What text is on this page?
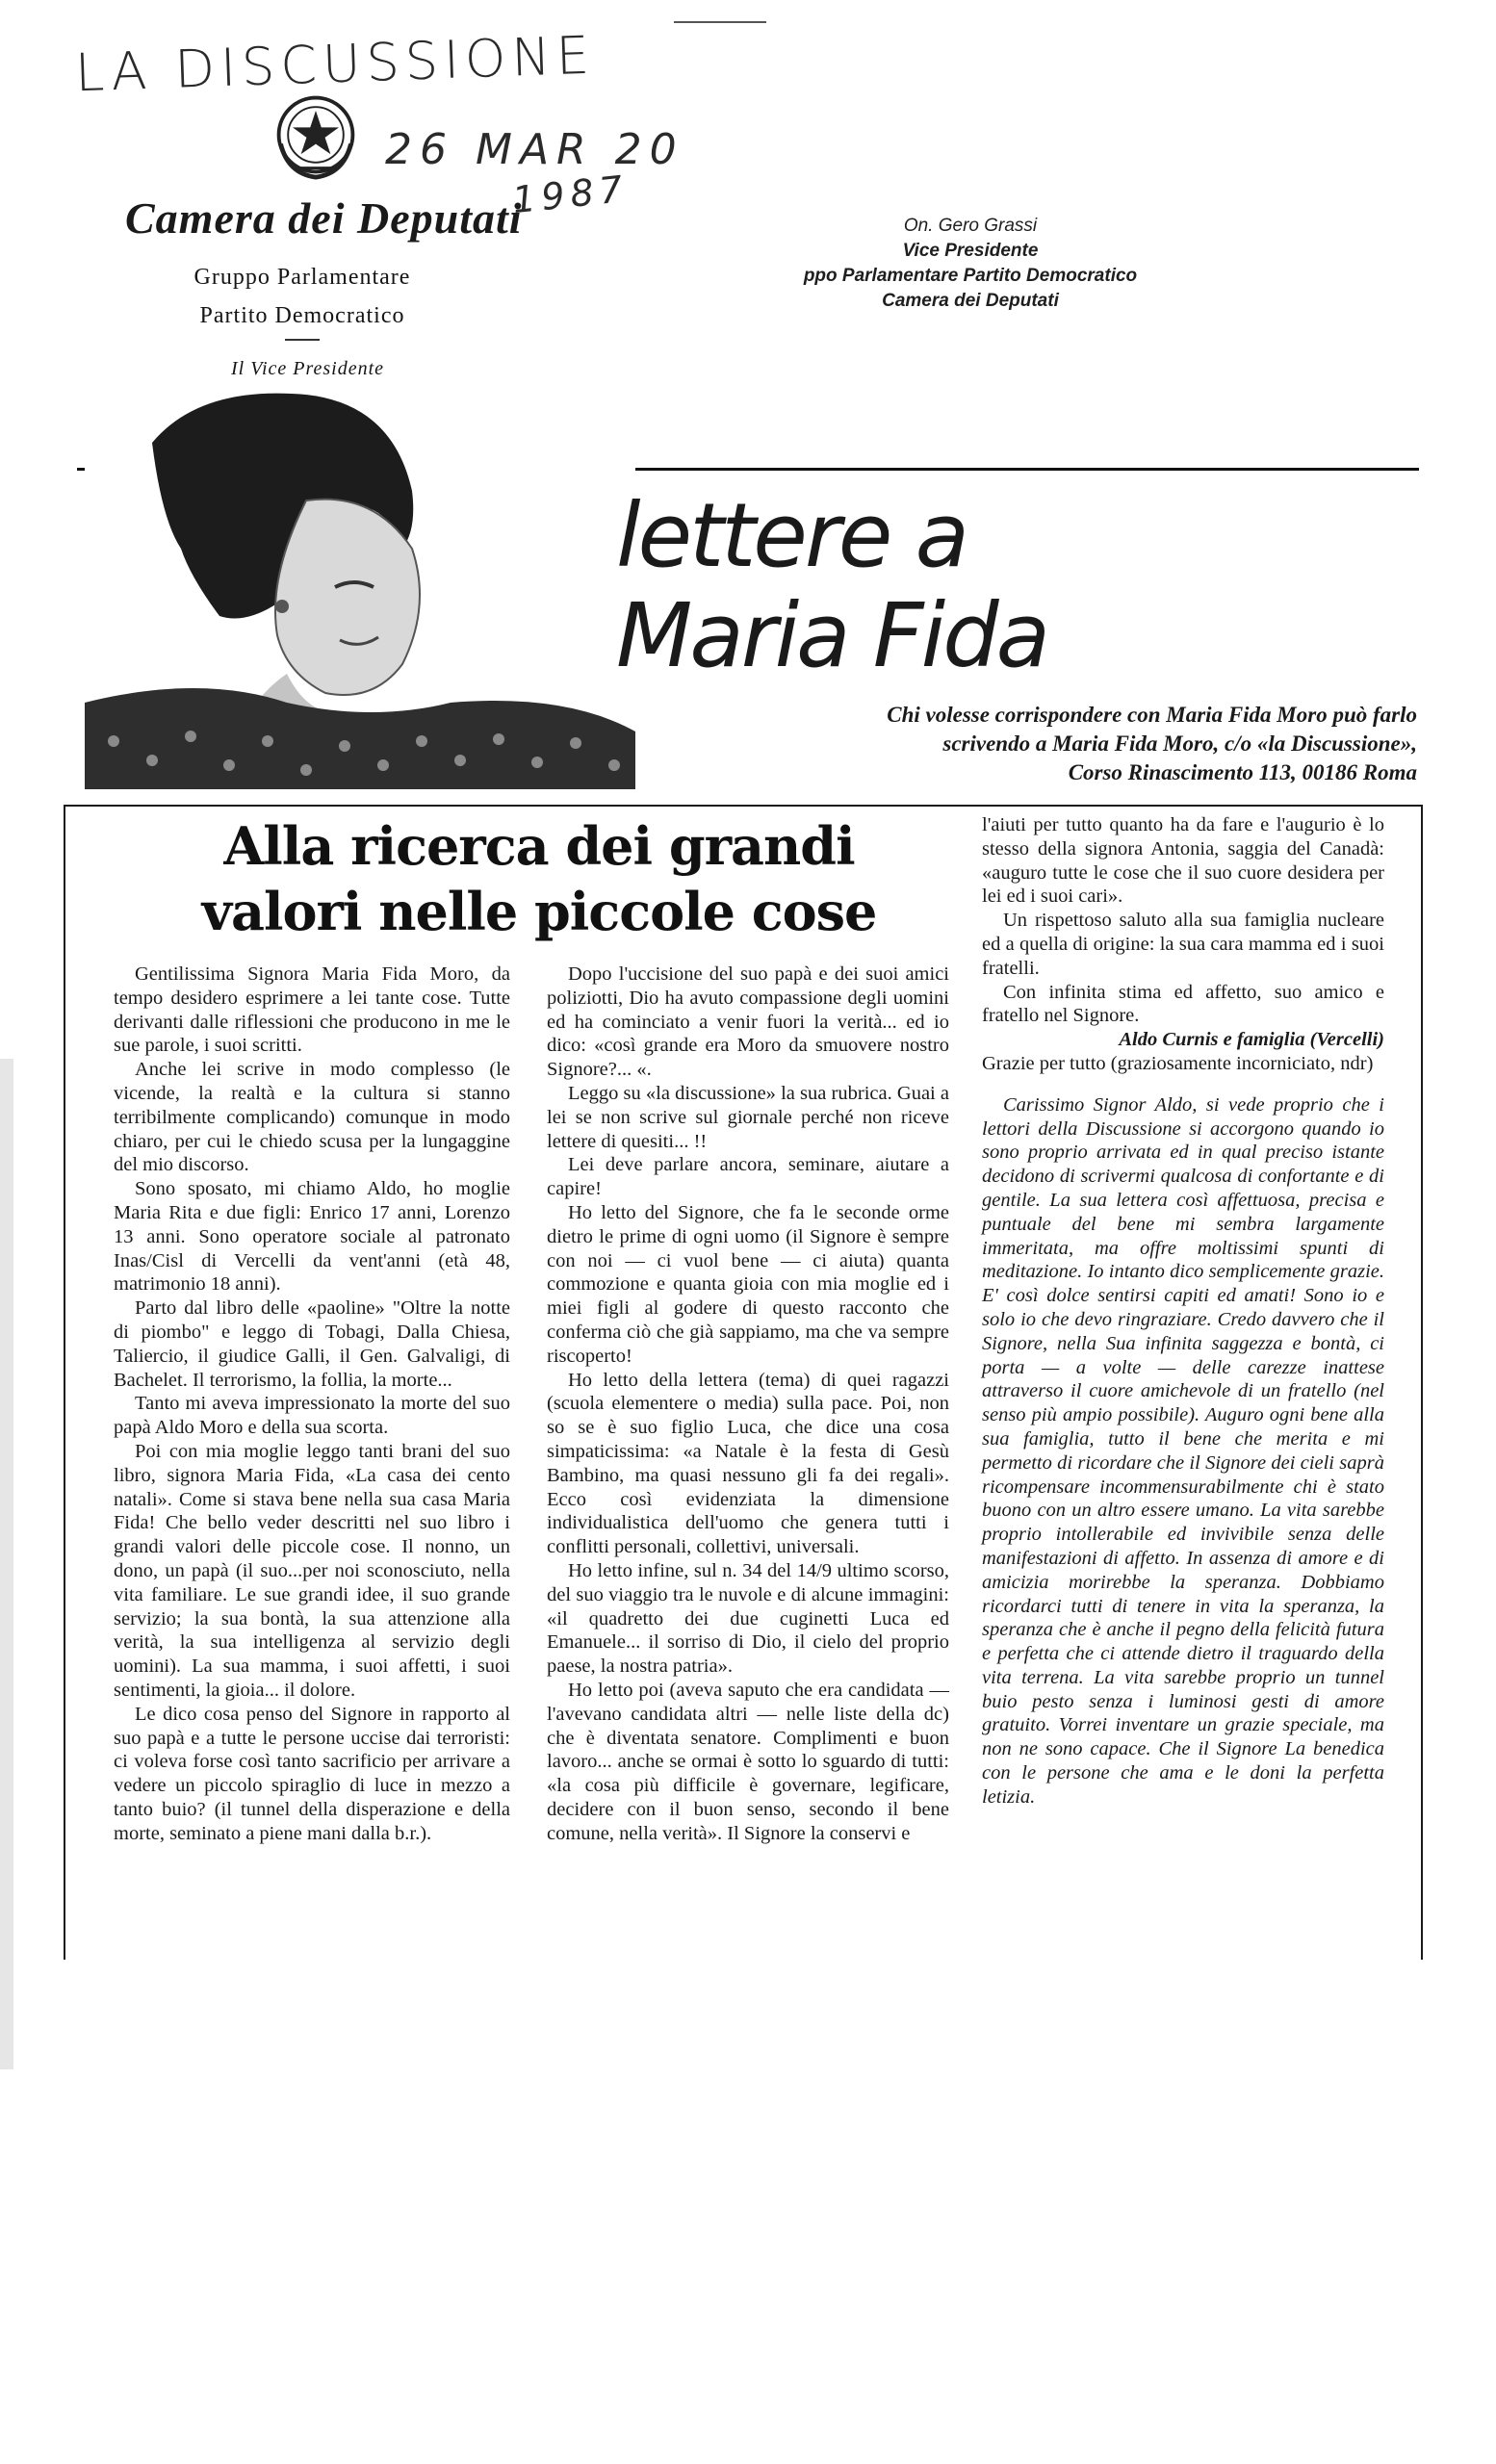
LA DISCUSSIONE
26 MAR 20
1987
Camera dei Deputati
Gruppo Parlamentare
Partito Democratico
Il Vice Presidente
On. Gero Grassi
Vice Presidente
ppo Parlamentare Partito Democratico
Camera dei Deputati
lettere a
Maria Fida
Chi volesse corrispondere con Maria Fida Moro può farlo
scrivendo a Maria Fida Moro, c/o «la Discussione»,
Corso Rinascimento 113, 00186 Roma
Alla ricerca dei grandi
valori nelle piccole cose

Gentilissima Signora Maria Fida Moro, da tempo desidero esprimere a lei tante cose. Tutte derivanti dalle riflessioni che producono in me le sue parole, i suoi scritti.

Anche lei scrive in modo complesso (le vicende, la realtà e la cultura si stanno terribilmente complicando) comunque in modo chiaro, per cui le chiedo scusa per la lungaggine del mio discorso.

Sono sposato, mi chiamo Aldo, ho moglie Maria Rita e due figli: Enrico 17 anni, Lorenzo 13 anni. Sono operatore sociale al patronato Inas/Cisl di Vercelli da vent'anni (età 48, matrimonio 18 anni).

Parto dal libro delle «paoline» "Oltre la notte di piombo" e leggo di Tobagi, Dalla Chiesa, Taliercio, il giudice Galli, il Gen. Galvaligi, di Bachelet. Il terrorismo, la follia, la morte...

Tanto mi aveva impressionato la morte del suo papà Aldo Moro e della sua scorta.

Poi con mia moglie leggo tanti brani del suo libro, signora Maria Fida, «La casa dei cento natali». Come si stava bene nella sua casa Maria Fida! Che bello veder descritti nel suo libro i grandi valori delle piccole cose. Il nonno, un dono, un papà (il suo...per noi sconosciuto, nella vita familiare. Le sue grandi idee, il suo grande servizio; la sua bontà, la sua attenzione alla verità, la sua intelligenza al servizio degli uomini). La sua mamma, i suoi affetti, i suoi sentimenti, la gioia... il dolore.

Le dico cosa penso del Signore in rapporto al suo papà e a tutte le persone uccise dai terroristi: ci voleva forse così tanto sacrificio per arrivare a vedere un piccolo spiraglio di luce in mezzo a tanto buio? (il tunnel della disperazione e della morte, seminato a piene mani dalla b.r.).

Dopo l'uccisione del suo papà e dei suoi amici poliziotti, Dio ha avuto compassione degli uomini ed ha cominciato a venir fuori la verità... ed io dico: «così grande era Moro da smuovere nostro Signore?... «.

Leggo su «la discussione» la sua rubrica. Guai a lei se non scrive sul giornale perché non riceve lettere di quesiti... !!

Lei deve parlare ancora, seminare, aiutare a capire!

Ho letto del Signore, che fa le seconde orme dietro le prime di ogni uomo (il Signore è sempre con noi — ci vuol bene — ci aiuta) quanta commozione e quanta gioia con mia moglie ed i miei figli al godere di questo racconto che conferma ciò che già sappiamo, ma che va sempre riscoperto!

Ho letto della lettera (tema) di quei ragazzi (scuola elementere o media) sulla pace. Poi, non so se è suo figlio Luca, che dice una cosa simpaticissima: «a Natale è la festa di Gesù Bambino, ma quasi nessuno gli fa dei regali». Ecco così evidenziata la dimensione individualistica dell'uomo che genera tutti i conflitti personali, collettivi, universali.

Ho letto infine, sul n. 34 del 14/9 ultimo scorso, del suo viaggio tra le nuvole e di alcune immagini: «il quadretto dei due cuginetti Luca ed Emanuele... il sorriso di Dio, il cielo del proprio paese, la nostra patria».

Ho letto poi (aveva saputo che era candidata — l'avevano candidata altri — nelle liste della dc) che è diventata senatore. Complimenti e buon lavoro... anche se ormai è sotto lo sguardo di tutti: «la cosa più difficile è governare, legificare, decidere con il buon senso, secondo il bene comune, nella verità». Il Signore la conservi e

l'aiuti per tutto quanto ha da fare e l'augurio è lo stesso della signora Antonia, saggia del Canadà: «auguro tutte le cose che il suo cuore desidera per lei ed i suoi cari».

Un rispettoso saluto alla sua famiglia nucleare ed a quella di origine: la sua cara mamma ed i suoi fratelli.

Con infinita stima ed affetto, suo amico e fratello nel Signore.

Aldo Curnis e famiglia (Vercelli)

Grazie per tutto (graziosamente incorniciato, ndr)

Carissimo Signor Aldo, si vede proprio che i lettori della Discussione si accorgono quando io sono proprio arrivata ed in qual preciso istante decidono di scrivermi qualcosa di confortante e di gentile. La sua lettera così affettuosa, precisa e puntuale del bene mi sembra largamente immeritata, ma offre moltissimi spunti di meditazione. Io intanto dico semplicemente grazie. E' così dolce sentirsi capiti ed amati! Sono io e solo io che devo ringraziare. Credo davvero che il Signore, nella Sua infinita saggezza e bontà, ci porta — a volte — delle carezze inattese attraverso il cuore amichevole di un fratello (nel senso più ampio possibile). Auguro ogni bene alla sua famiglia, tutto il bene che merita e mi permetto di ricordare che il Signore dei cieli saprà ricompensare incommensurabilmente chi è stato buono con un altro essere umano. La vita sarebbe proprio intollerabile ed invivibile senza delle manifestazioni di affetto. In assenza di amore e di amicizia morirebbe la speranza. Dobbiamo ricordarci tutti di tenere in vita la speranza, la speranza che è anche il pegno della felicità futura e perfetta che ci attende dietro il traguardo della vita terrena. La vita sarebbe proprio un tunnel buio pesto senza i luminosi gesti di amore gratuito. Vorrei inventare un grazie speciale, ma non ne sono capace. Che il Signore La benedica con le persone che ama e le doni la perfetta letizia.
